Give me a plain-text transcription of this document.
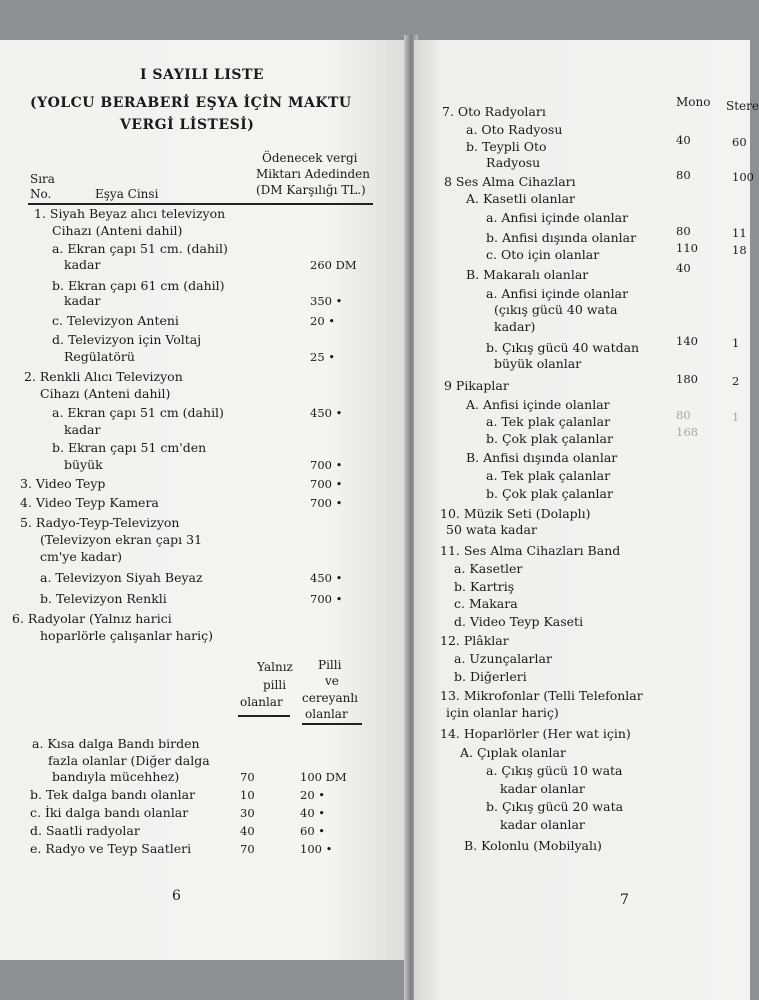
I SAYILI LISTE
(YOLCU BERABERİ EŞYA İÇİN MAKTU
VERGİ LİSTESİ)
Ödenecek vergi
Miktarı Adedinden
Sıra
(DM Karşılığı TL.)
No.	Eşya Cinsi
1. Siyah Beyaz alıcı televizyon
Cihazı (Anteni dahil)
a. Ekran çapı 51 cm. (dahil)
kadar	260 DM
b. Ekran çapı 61 cm (dahil)
kadar	350 •
c. Televizyon Anteni	20 •
d. Televizyon için Voltaj
Regülatörü	25 •
2. Renkli Alıcı Televizyon
Cihazı (Anteni dahil)
a. Ekran çapı 51 cm (dahil)	450 •
kadar
b. Ekran çapı 51 cm'den
büyük	700 •
3. Video Teyp	700 •
4. Video Teyp Kamera	700 •
5. Radyo-Teyp-Televizyon
(Televizyon ekran çapı 31
cm'ye kadar)
a. Televizyon Siyah Beyaz	450 •
b. Televizyon Renkli	700 •
6. Radyolar (Yalnız harici
hoparlörle çalışanlar hariç)
Yalnız
pilli
olanlar
Pilli
ve
cereyanlı
olanlar
a. Kısa dalga Bandı birden
fazla olanlar (Diğer dalga
bandıyla mücehhez)	70	100 DM
b. Tek dalga bandı olanlar	10	20 •
c. İki dalga bandı olanlar	30	40 •
d. Saatli radyolar	40	60 •
e. Radyo ve Teyp Saatleri	70	100 •
6
Mono Stere
7. Oto Radyoları
a. Oto Radyosu
b. Teypli Oto	40	60
Radyosu
8 Ses Alma Cihazları	80	100
A. Kasetli olanlar
a. Anfisi içinde olanlar
b. Anfisi dışında olanlar	80	11
c. Oto için olanlar	110	18
B. Makaralı olanlar	40
a. Anfisi içinde olanlar
(çıkış gücü 40 wata
kadar)
b. Çıkış gücü 40 watdan	140	1
büyük olanlar
9 Pikaplar	180	2
A. Anfisi içinde olanlar
a. Tek plak çalanlar	80	1
b. Çok plak çalanlar	168
B. Anfisi dışında olanlar
a. Tek plak çalanlar
b. Çok plak çalanlar
10. Müzik Seti (Dolaplı)
50 wata kadar
11. Ses Alma Cihazları Band
a. Kasetler
b. Kartriş
c. Makara
d. Video Teyp Kaseti
12. Plâklar
a. Uzunçalarlar
b. Diğerleri
13. Mikrofonlar (Telli Telefonlar
için olanlar hariç)
14. Hoparlörler (Her wat için)
A. Çıplak olanlar
a. Çıkış gücü 10 wata
kadar olanlar
b. Çıkış gücü 20 wata
kadar olanlar
B. Kolonlu (Mobilyalı)
7
